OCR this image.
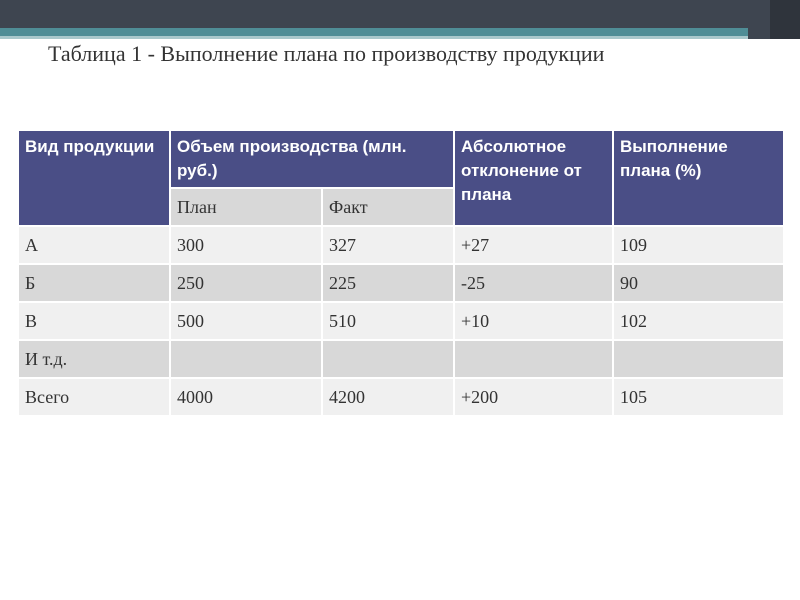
Таблица 1 - Выполнение плана по производству продукции
Вид продукции	Объем производства (млн. руб.)		Абсолютное отклонение от плана	Выполнение плана (%)
	План	Факт		
А	300	327	+27	109
Б	250	225	-25	90
В	500	510	+10	102
И т.д.				
Всего	4000	4200	+200	105
